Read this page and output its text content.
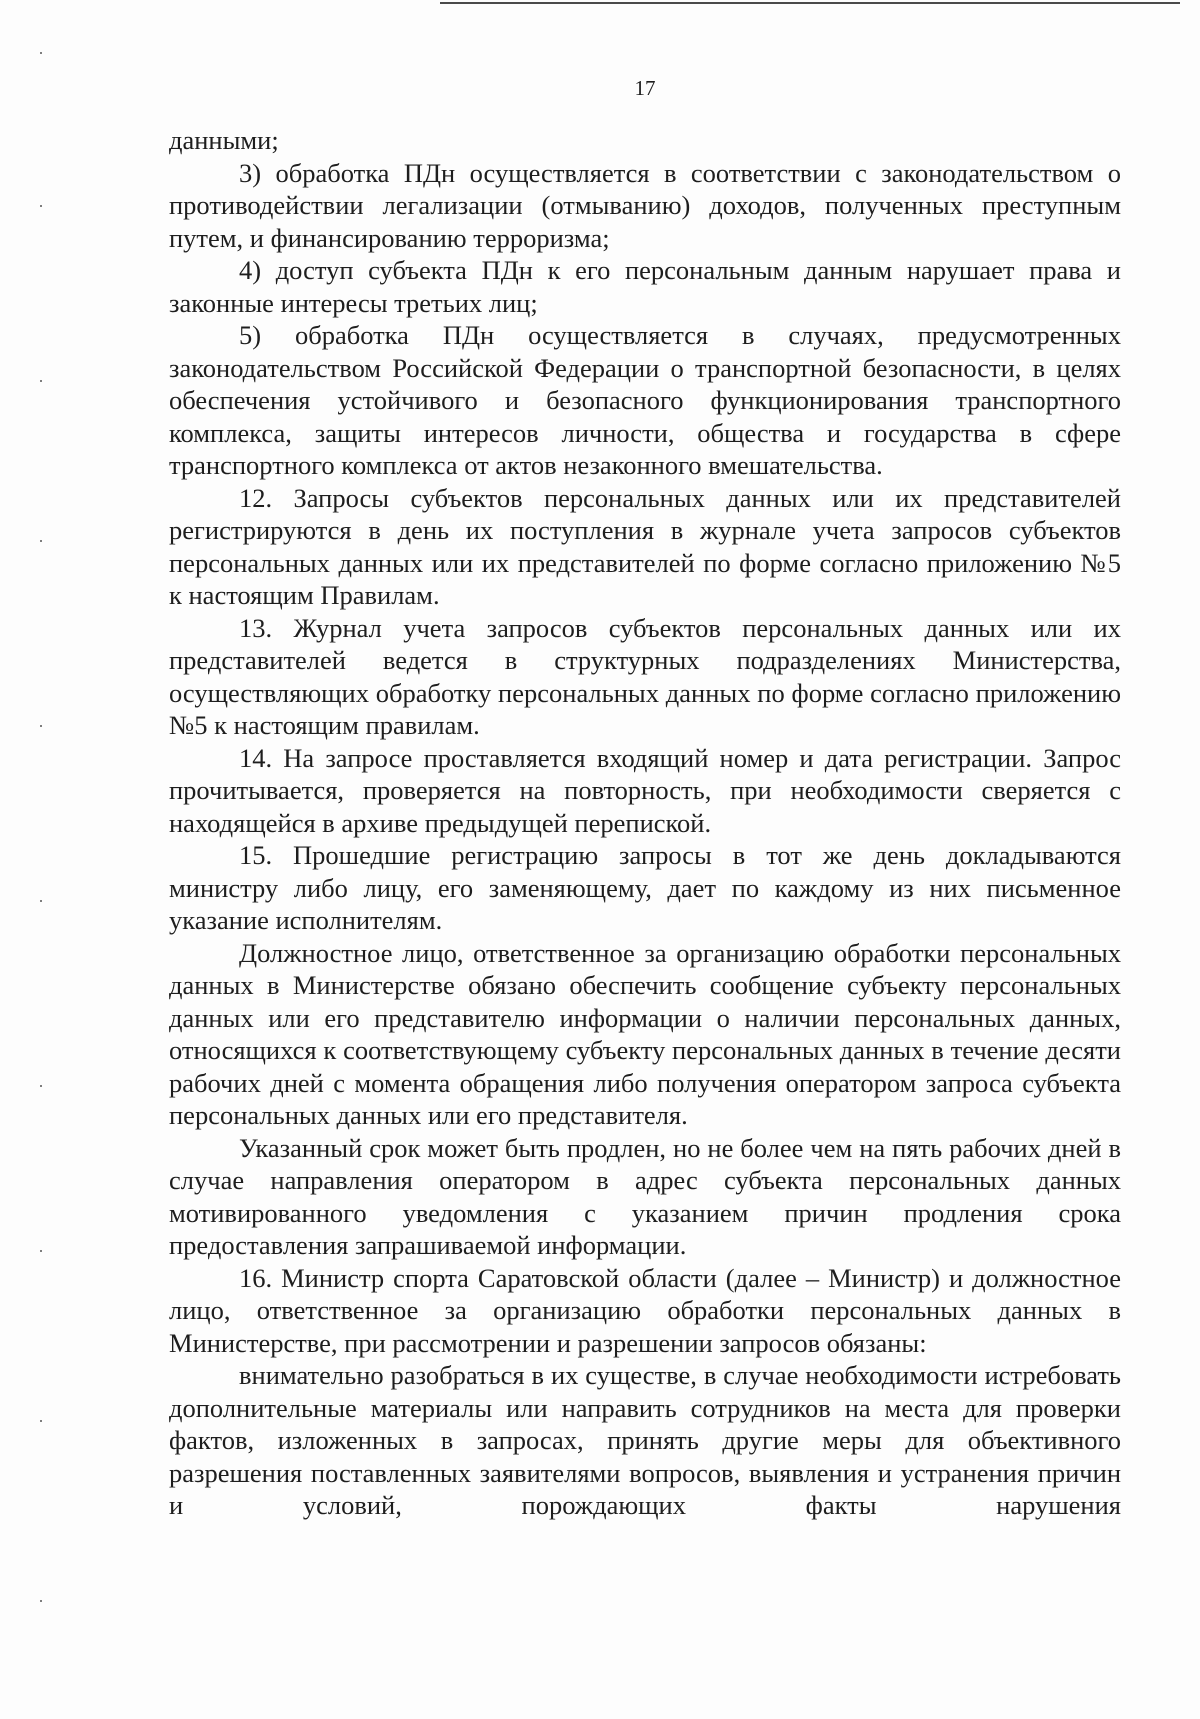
17

данными;

3) обработка ПДн осуществляется в соответствии с законодательством о противодействии легализации (отмыванию) доходов, полученных преступным путем, и финансированию терроризма;

4) доступ субъекта ПДн к его персональным данным нарушает права и законные интересы третьих лиц;

5) обработка ПДн осуществляется в случаях, предусмотренных законодательством Российской Федерации о транспортной безопасности, в целях обеспечения устойчивого и безопасного функционирования транспортного комплекса, защиты интересов личности, общества и государства в сфере транспортного комплекса от актов незаконного вмешательства.

12. Запросы субъектов персональных данных или их представителей регистрируются в день их поступления в журнале учета запросов субъектов персональных данных или их представителей по форме согласно приложению №5 к настоящим Правилам.

13. Журнал учета запросов субъектов персональных данных или их представителей ведется в структурных подразделениях Министерства, осуществляющих обработку персональных данных по форме согласно приложению №5 к настоящим правилам.

14. На запросе проставляется входящий номер и дата регистрации. Запрос прочитывается, проверяется на повторность, при необходимости сверяется с находящейся в архиве предыдущей перепиской.

15. Прошедшие регистрацию запросы в тот же день докладываются министру либо лицу, его заменяющему, дает по каждому из них письменное указание исполнителям.

Должностное лицо, ответственное за организацию обработки персональных данных в Министерстве обязано обеспечить сообщение субъекту персональных данных или его представителю информации о наличии персональных данных, относящихся к соответствующему субъекту персональных данных в течение десяти рабочих дней с момента обращения либо получения оператором запроса субъекта персональных данных или его представителя.

Указанный срок может быть продлен, но не более чем на пять рабочих дней в случае направления оператором в адрес субъекта персональных данных мотивированного уведомления с указанием причин продления срока предоставления запрашиваемой информации.

16. Министр спорта Саратовской области (далее – Министр) и должностное лицо, ответственное за организацию обработки персональных данных в Министерстве, при рассмотрении и разрешении запросов обязаны:

внимательно разобраться в их существе, в случае необходимости истребовать дополнительные материалы или направить сотрудников на места для проверки фактов, изложенных в запросах, принять другие меры для объективного разрешения поставленных заявителями вопросов, выявления и устранения причин и условий, порождающих факты нарушения
